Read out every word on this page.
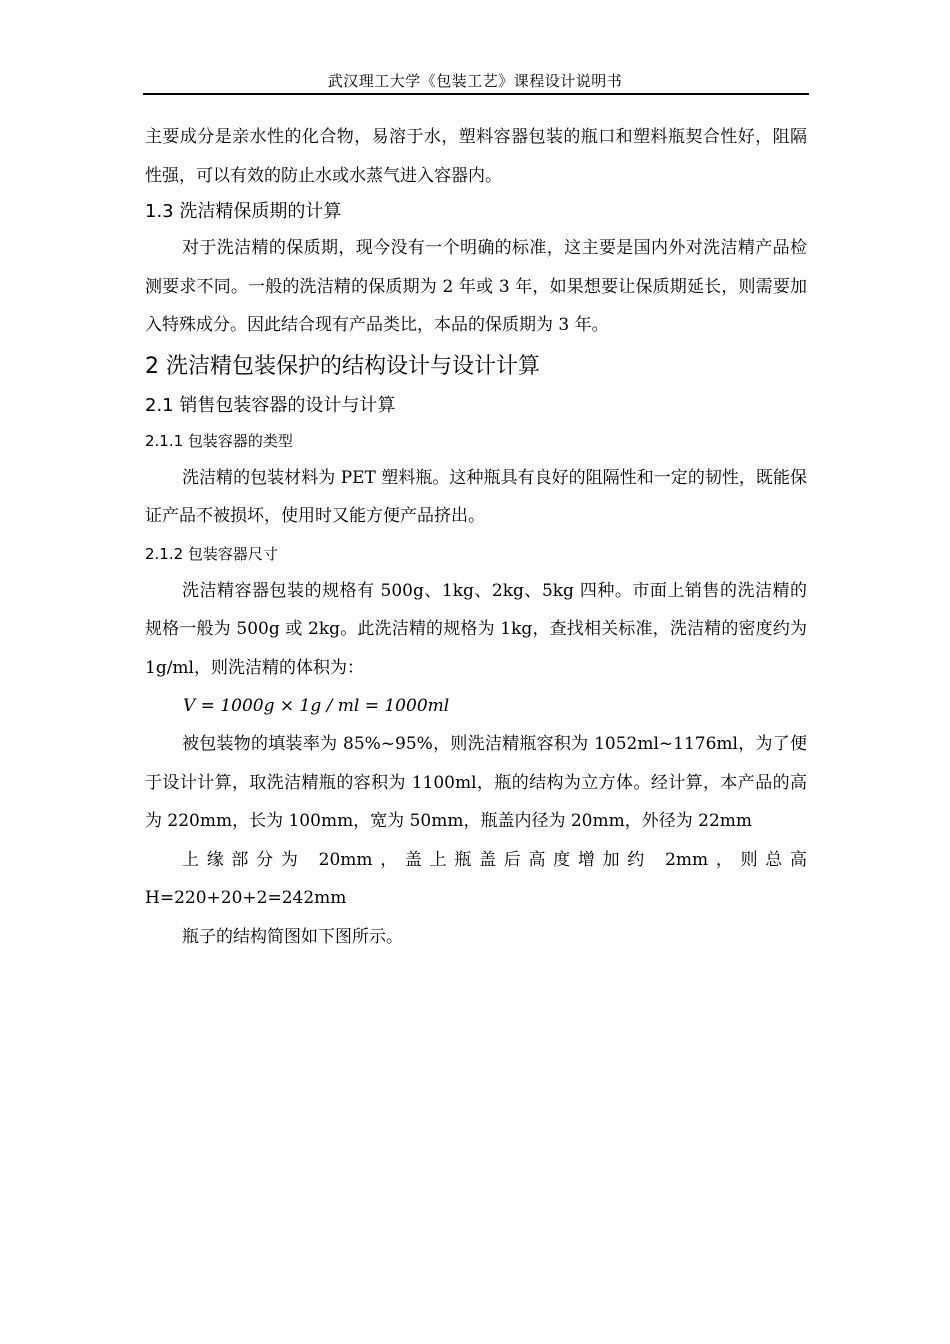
武汉理工大学《包装工艺》课程设计说明书

主要成分是亲水性的化合物，易溶于水，塑料容器包装的瓶口和塑料瓶契合性好，阻隔性强，可以有效的防止水或水蒸气进入容器内。

1.3 洗洁精保质期的计算

对于洗洁精的保质期，现今没有一个明确的标准，这主要是国内外对洗洁精产品检测要求不同。一般的洗洁精的保质期为 2 年或 3 年，如果想要让保质期延长，则需要加入特殊成分。因此结合现有产品类比，本品的保质期为 3 年。

2 洗洁精包装保护的结构设计与设计计算
2.1 销售包装容器的设计与计算
2.1.1 包装容器的类型

洗洁精的包装材料为 PET 塑料瓶。这种瓶具有良好的阻隔性和一定的韧性，既能保证产品不被损坏，使用时又能方便产品挤出。

2.1.2 包装容器尺寸

洗洁精容器包装的规格有 500g、1kg、2kg、5kg 四种。市面上销售的洗洁精的规格一般为 500g 或 2kg。此洗洁精的规格为 1kg，查找相关标准，洗洁精的密度约为 1g/ml，则洗洁精的体积为：

V = 1000g × 1g / ml = 1000ml

被包装物的填装率为 85%~95%，则洗洁精瓶容积为 1052ml~1176ml，为了便于设计计算，取洗洁精瓶的容积为 1100ml，瓶的结构为立方体。经计算，本产品的高为 220mm，长为 100mm，宽为 50mm，瓶盖内径为 20mm，外径为 22mm

上缘部分为 20mm，盖上瓶盖后高度增加约 2mm，则总高

H=220+20+2=242mm

瓶子的结构简图如下图所示。
